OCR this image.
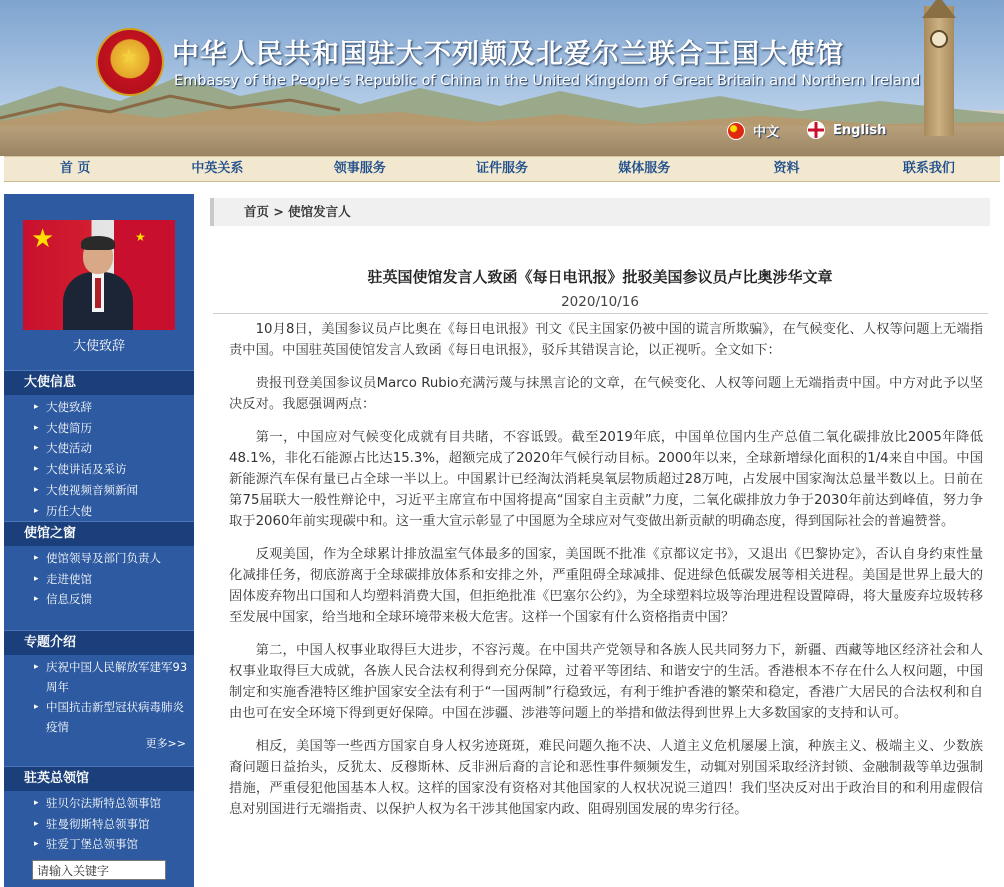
★ 中华人民共和国驻大不列颠及北爱尔兰联合王国大使馆
Embassy of the People's Republic of China in the United Kingdom of Great Britain and Northern Ireland
中文	English
首 页	中英关系	领事服务	证件服务	媒体服务	资料	联系我们
★	★
大使致辞
大使信息
▸ 大使致辞
▸ 大使简历
▸ 大使活动
▸ 大使讲话及采访
▸ 大使视频音频新闻
▸ 历任大使
使馆之窗
▸ 使馆领导及部门负责人
▸ 走进使馆
▸ 信息反馈
专题介绍
▸ 庆祝中国人民解放军建军93周年
▸ 中国抗击新型冠状病毒肺炎疫情
更多>>
驻英总领馆
▸ 驻贝尔法斯特总领事馆
▸ 驻曼彻斯特总领事馆
▸ 驻爱丁堡总领事馆
请输入关键字
首页 > 使馆发言人
驻英国使馆发言人致函《每日电讯报》批驳美国参议员卢比奥涉华文章
2020/10/16

10月8日，美国参议员卢比奥在《每日电讯报》刊文《民主国家仍被中国的谎言所欺骗》，在气候变化、人权等问题上无端指责中国。中国驻英国使馆发言人致函《每日电讯报》，驳斥其错误言论，以正视听。全文如下：

贵报刊登美国参议员Marco Rubio充满污蔑与抹黑言论的文章，在气候变化、人权等问题上无端指责中国。中方对此予以坚决反对。我愿强调两点：

第一，中国应对气候变化成就有目共睹，不容诋毁。截至2019年底，中国单位国内生产总值二氧化碳排放比2005年降低48.1%，非化石能源占比达15.3%，超额完成了2020年气候行动目标。2000年以来，全球新增绿化面积的1/4来自中国。中国新能源汽车保有量已占全球一半以上。中国累计已经淘汰消耗臭氧层物质超过28万吨，占发展中国家淘汰总量半数以上。日前在第75届联大一般性辩论中，习近平主席宣布中国将提高“国家自主贡献”力度，二氧化碳排放力争于2030年前达到峰值，努力争取于2060年前实现碳中和。这一重大宣示彰显了中国愿为全球应对气变做出新贡献的明确态度，得到国际社会的普遍赞誉。

反观美国，作为全球累计排放温室气体最多的国家，美国既不批准《京都议定书》，又退出《巴黎协定》，否认自身约束性量化减排任务，彻底游离于全球碳排放体系和安排之外，严重阻碍全球减排、促进绿色低碳发展等相关进程。美国是世界上最大的固体废弃物出口国和人均塑料消费大国，但拒绝批准《巴塞尔公约》，为全球塑料垃圾等治理进程设置障碍，将大量废弃垃圾转移至发展中国家，给当地和全球环境带来极大危害。这样一个国家有什么资格指责中国？

第二，中国人权事业取得巨大进步，不容污蔑。在中国共产党领导和各族人民共同努力下，新疆、西藏等地区经济社会和人权事业取得巨大成就，各族人民合法权利得到充分保障，过着平等团结、和谐安宁的生活。香港根本不存在什么人权问题，中国制定和实施香港特区维护国家安全法有利于“一国两制”行稳致远，有利于维护香港的繁荣和稳定，香港广大居民的合法权利和自由也可在安全环境下得到更好保障。中国在涉疆、涉港等问题上的举措和做法得到世界上大多数国家的支持和认可。

相反，美国等一些西方国家自身人权劣迹斑斑，难民问题久拖不决、人道主义危机屡屡上演，种族主义、极端主义、少数族裔问题日益抬头，反犹太、反穆斯林、反非洲后裔的言论和恶性事件频频发生，动辄对别国采取经济封锁、金融制裁等单边强制措施，严重侵犯他国基本人权。这样的国家没有资格对其他国家的人权状况说三道四！我们坚决反对出于政治目的和利用虚假信息对别国进行无端指责、以保护人权为名干涉其他国家内政、阻碍别国发展的卑劣行径。
